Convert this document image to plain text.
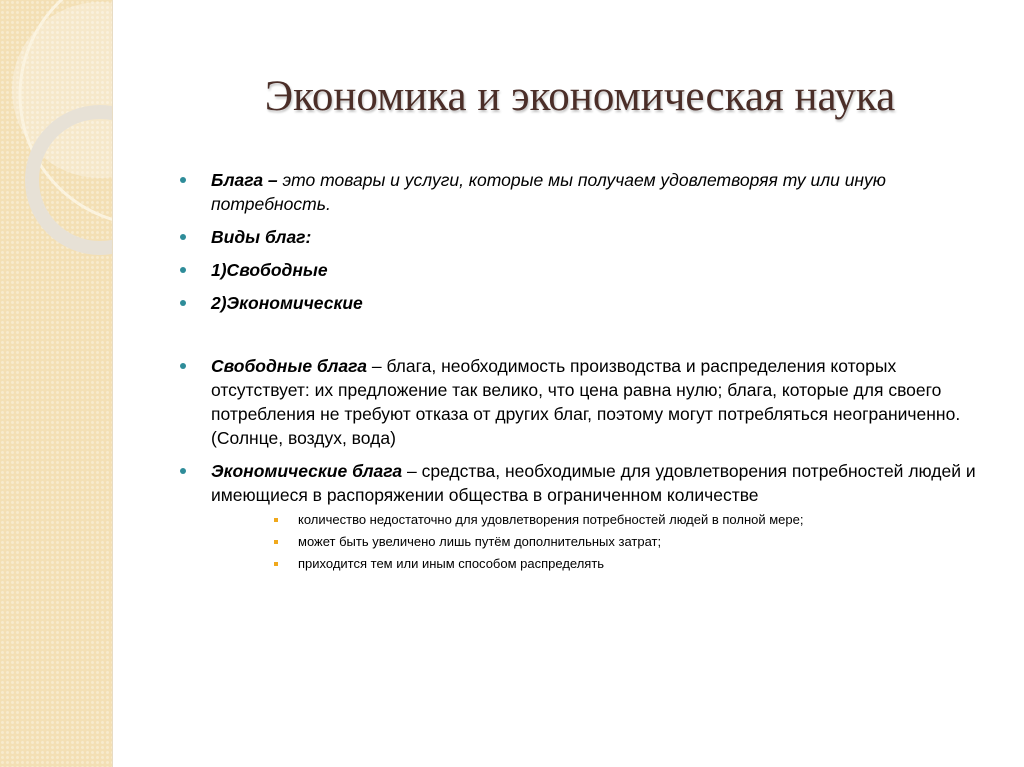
Экономика и экономическая наука
Блага – это товары и услуги, которые мы получаем удовлетворяя ту или иную потребность.
Виды благ:
1)Свободные
2)Экономические
Свободные блага – блага, необходимость производства и распределения которых отсутствует: их предложение так велико, что цена равна нулю; блага, которые для своего потребления не требуют отказа от других благ, поэтому могут потребляться неограниченно. (Солнце, воздух, вода)
Экономические блага – средства, необходимые для удовлетворения потребностей людей и имеющиеся в распоряжении общества в ограниченном количестве
количество недостаточно для удовлетворения потребностей людей в полной мере;
может быть увеличено лишь путём дополнительных затрат;
приходится тем или иным способом распределять
